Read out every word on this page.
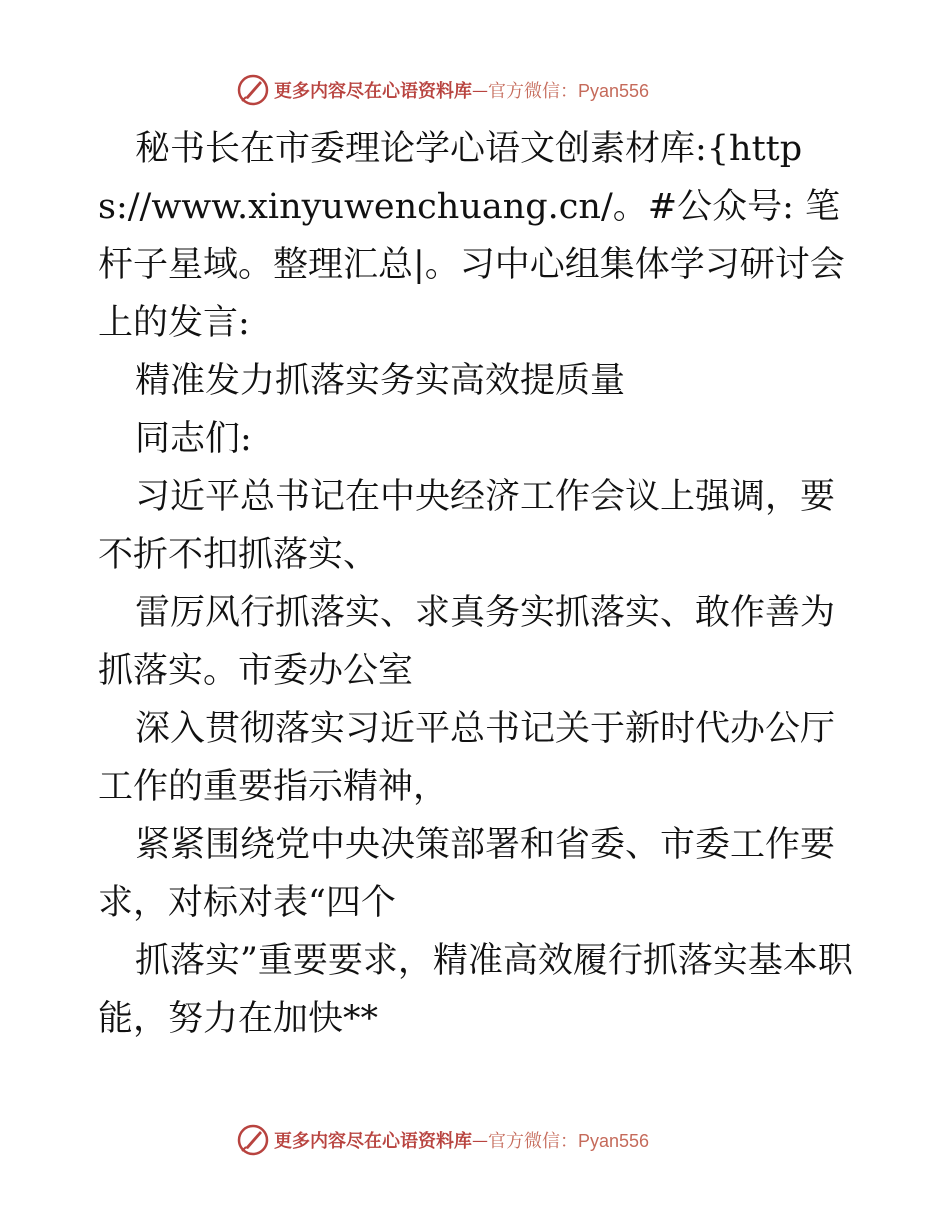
更多内容尽在心语资料库 — 官方微信：Pyan556

秘书长在市委理论学心语文创素材库:{https://www.xinyuwenchuang.cn/。#公众号: 笔杆子星域。整理汇总|。习中心组集体学习研讨会上的发言:

精准发力抓落实务实高效提质量

同志们:

习近平总书记在中央经济工作会议上强调，要不折不扣抓落实、

雷厉风行抓落实、求真务实抓落实、敢作善为抓落实。市委办公室

深入贯彻落实习近平总书记关于新时代办公厅工作的重要指示精神，

紧紧围绕党中央决策部署和省委、市委工作要求，对标对表“四个

抓落实”重要要求，精准高效履行抓落实基本职能，努力在加快**

更多内容尽在心语资料库 — 官方微信：Pyan556
